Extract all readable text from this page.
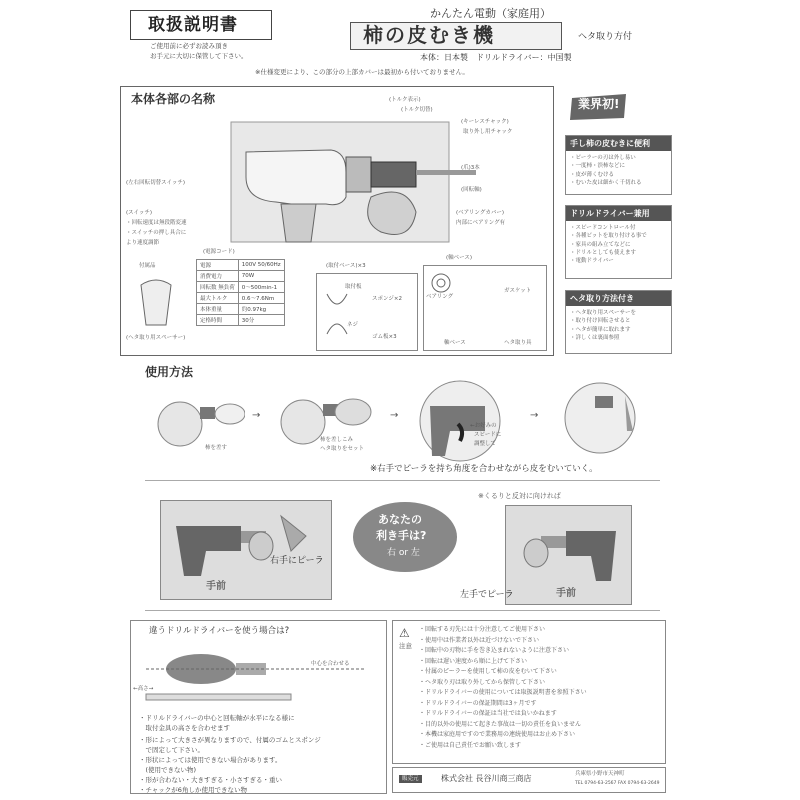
取扱説明書
ご使用前に必ずお読み頂き
お手元に大切に保管して下さい。
かんたん電動（家庭用）
柿の皮むき機	ヘタ取り方付
本体：日本製　ドリルドライバー：中国製
※仕様変更により、この部分の上部カバーは最初から付いておりません。
本体各部の名称	(トルク表示)
(トルク切替)
(キーレスチャック)
取り外し用チャック
(爪)3本
(回転軸)
(左右回転切替スイッチ)
(スイッチ)
・回転速度は無段階変速
・スイッチの押し具合に
より速度調節
(ベアリングカバー)
内部にベアリング有
付属品
(ヘタ取り用スペーサー)
(電源コード)
電源	100V 50/60Hz
消費電力	70W
回転数 無負荷	0〜500min-1
最大トルク	0.6〜7.6Nm
本体重量	約0.97kg
定格時間	30分
(取付ベース)×3
取付板
スポンジ×2
ネジ
ゴム板×3
(軸ベース)
ベアリング
ガスケット
軸ベース	ヘタ取り具
業界初!
手し柿の皮むきに便利
・ピーラーの刃は外し易い
・一度柿・渋柿などに
・皮が薄くむける
・むいた皮は細かく千切れる
ドリルドライバー兼用
・スピードコントロール付
・各種ビットを取り付ける事で
・家具の組み立てなどに
・ドリルとしても使えます
・電動ドライバー
へタ取り方法付き
・ヘタ取り用スペーサーを
・取り付け回転させると
・ヘタが簡単に取れます
・詳しくは裏面参照
使用方法
柿を差す
→
柿を差しこみ
ヘタ取りをセット
→
←お好みの
スピードに
調整して
→
※右手でピーラを持ち角度を合わせながら皮をむいていく。
手前
右手にピーラ
あなたの
利き手は?
右 or 左
※くるりと反対に向ければ
手前
左手でピーラ
違うドリルドライバーを使う場合は?
中心を合わせる
←高さ→
・ドリルドライバーの中心と回転軸が水平になる様に
　取付金具の高さを合わせます
・形によって大きさが異なりますので、付属のゴムとスポンジ
　で固定して下さい。
・形状によっては使用できない場合があります。
　(使用できない物)
・形が合わない・大きすぎる・小さすぎる・重い
・チャックが6角しか使用できない物
⚠
注意
・回転する刃先には十分注意してご使用下さい
・使用中は作業者以外は近づけないで下さい
・回転中の刃物に手を巻き込まれないように注意下さい
・回転は遅い速度から順に上げて下さい
・付属のピーラーを使用して柿の皮をむいて下さい
・ヘタ取り刃は取り外してから保管して下さい
・ドリルドライバーの使用については取扱説明書を参照下さい
・ドリルドライバーの保証期間は3ヶ月です
・ドリルドライバーの保証は当社では負いかねます
・目的以外の使用にて起きた事故は一切の責任を負いません
・本機は家庭用ですので業務用の連続使用はお止め下さい
・ご使用は自己責任でお願い致します
販売元	株式会社 長谷川商三商店	兵庫県小野市天神町
TEL 0794-63-2567 FAX 0794-63-2649
